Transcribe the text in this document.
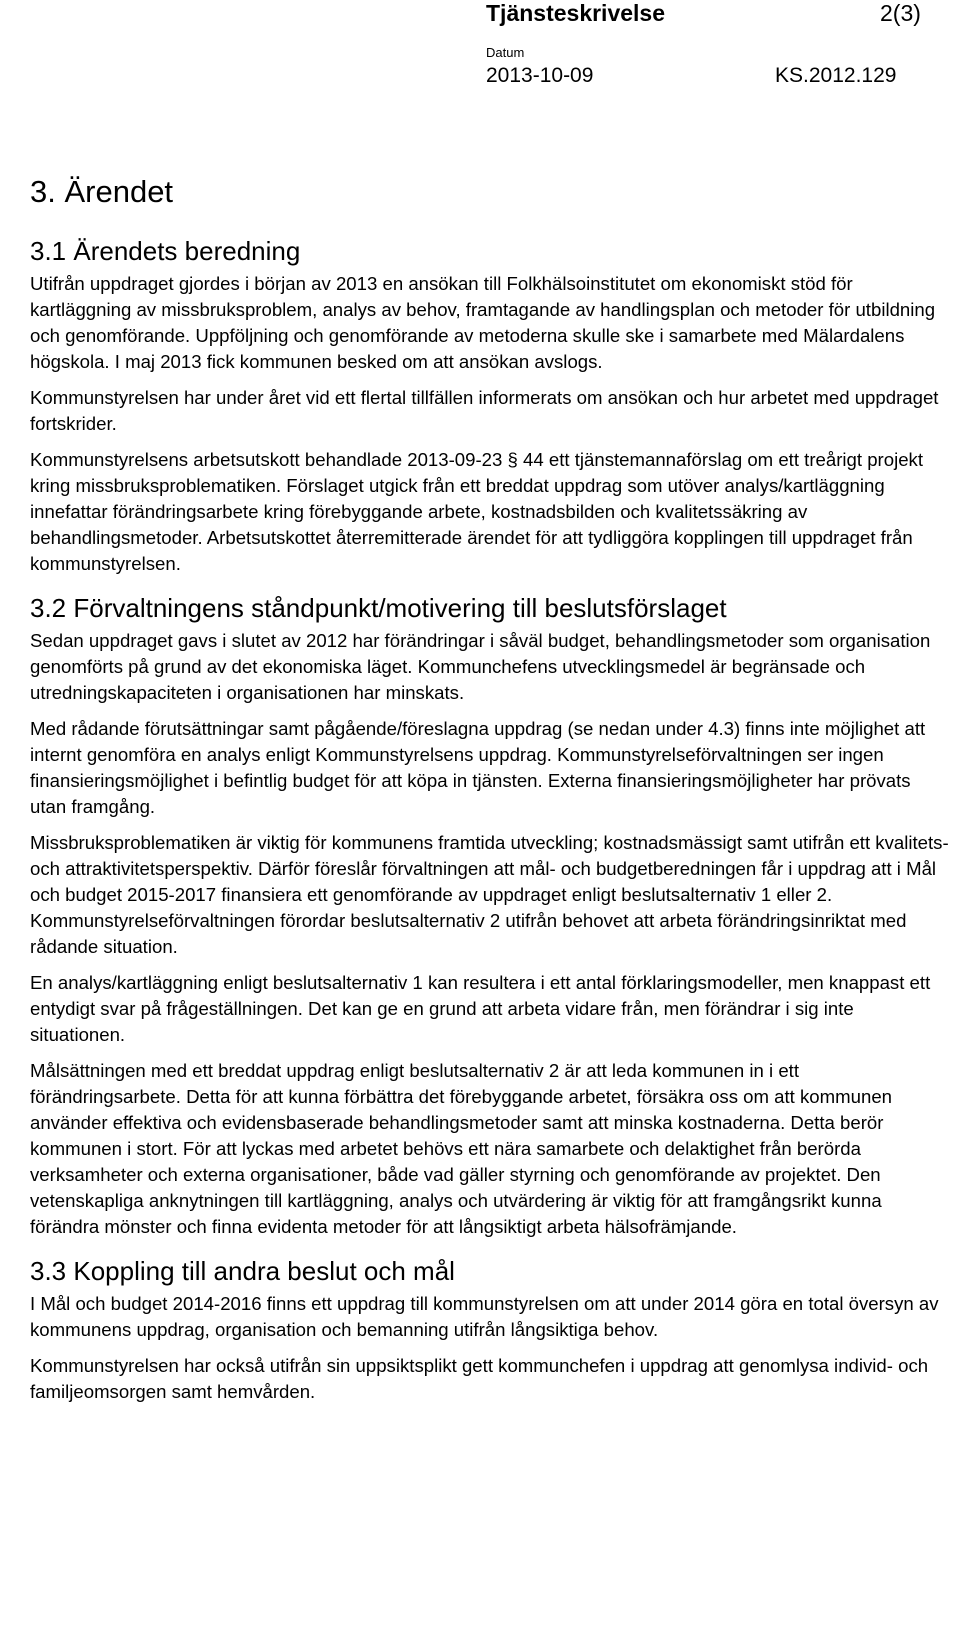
Tjänsteskrivelse	2(3)
Datum
2013-10-09	KS.2012.129
3. Ärendet
3.1 Ärendets beredning

Utifrån uppdraget gjordes i början av 2013 en ansökan till Folkhälsoinstitutet om ekonomiskt stöd för kartläggning av missbruksproblem, analys av behov, framtagande av handlingsplan och metoder för utbildning och genomförande. Uppföljning och genomförande av metoderna skulle ske i samarbete med Mälardalens högskola. I maj 2013 fick kommunen besked om att ansökan avslogs.

Kommunstyrelsen har under året vid ett flertal tillfällen informerats om ansökan och hur arbetet med uppdraget fortskrider.

Kommunstyrelsens arbetsutskott behandlade 2013-09-23 § 44 ett tjänstemannaförslag om ett treårigt projekt kring missbruksproblematiken. Förslaget utgick från ett breddat uppdrag som utöver analys/kartläggning innefattar förändringsarbete kring förebyggande arbete, kostnadsbilden och kvalitetssäkring av behandlingsmetoder. Arbetsutskottet återremitterade ärendet för att tydliggöra kopplingen till uppdraget från kommunstyrelsen.

3.2 Förvaltningens ståndpunkt/motivering till beslutsförslaget

Sedan uppdraget gavs i slutet av 2012 har förändringar i såväl budget, behandlingsmetoder som organisation genomförts på grund av det ekonomiska läget. Kommunchefens utvecklingsmedel är begränsade och utredningskapaciteten i organisationen har minskats.

Med rådande förutsättningar samt pågående/föreslagna uppdrag (se nedan under 4.3) finns inte möjlighet att internt genomföra en analys enligt Kommunstyrelsens uppdrag. Kommunstyrelseförvaltningen ser ingen finansieringsmöjlighet i befintlig budget för att köpa in tjänsten. Externa finansieringsmöjligheter har prövats utan framgång.

Missbruksproblematiken är viktig för kommunens framtida utveckling; kostnadsmässigt samt utifrån ett kvalitets- och attraktivitetsperspektiv. Därför föreslår förvaltningen att mål- och budgetberedningen får i uppdrag att i Mål och budget 2015-2017 finansiera ett genomförande av uppdraget enligt beslutsalternativ 1 eller 2. Kommunstyrelseförvaltningen förordar beslutsalternativ 2 utifrån behovet att arbeta förändringsinriktat med rådande situation.

En analys/kartläggning enligt beslutsalternativ 1 kan resultera i ett antal förklaringsmodeller, men knappast ett entydigt svar på frågeställningen. Det kan ge en grund att arbeta vidare från, men förändrar i sig inte situationen.

Målsättningen med ett breddat uppdrag enligt beslutsalternativ 2 är att leda kommunen in i ett förändringsarbete. Detta för att kunna förbättra det förebyggande arbetet, försäkra oss om att kommunen använder effektiva och evidensbaserade behandlingsmetoder samt att minska kostnaderna. Detta berör kommunen i stort. För att lyckas med arbetet behövs ett nära samarbete och delaktighet från berörda verksamheter och externa organisationer, både vad gäller styrning och genomförande av projektet. Den vetenskapliga anknytningen till kartläggning, analys och utvärdering är viktig för att framgångsrikt kunna förändra mönster och finna evidenta metoder för att långsiktigt arbeta hälsofrämjande.

3.3 Koppling till andra beslut och mål

I Mål och budget 2014-2016 finns ett uppdrag till kommunstyrelsen om att under 2014 göra en total översyn av kommunens uppdrag, organisation och bemanning utifrån långsiktiga behov.

Kommunstyrelsen har också utifrån sin uppsiktsplikt gett kommunchefen i uppdrag att genomlysa individ- och familjeomsorgen samt hemvården.
